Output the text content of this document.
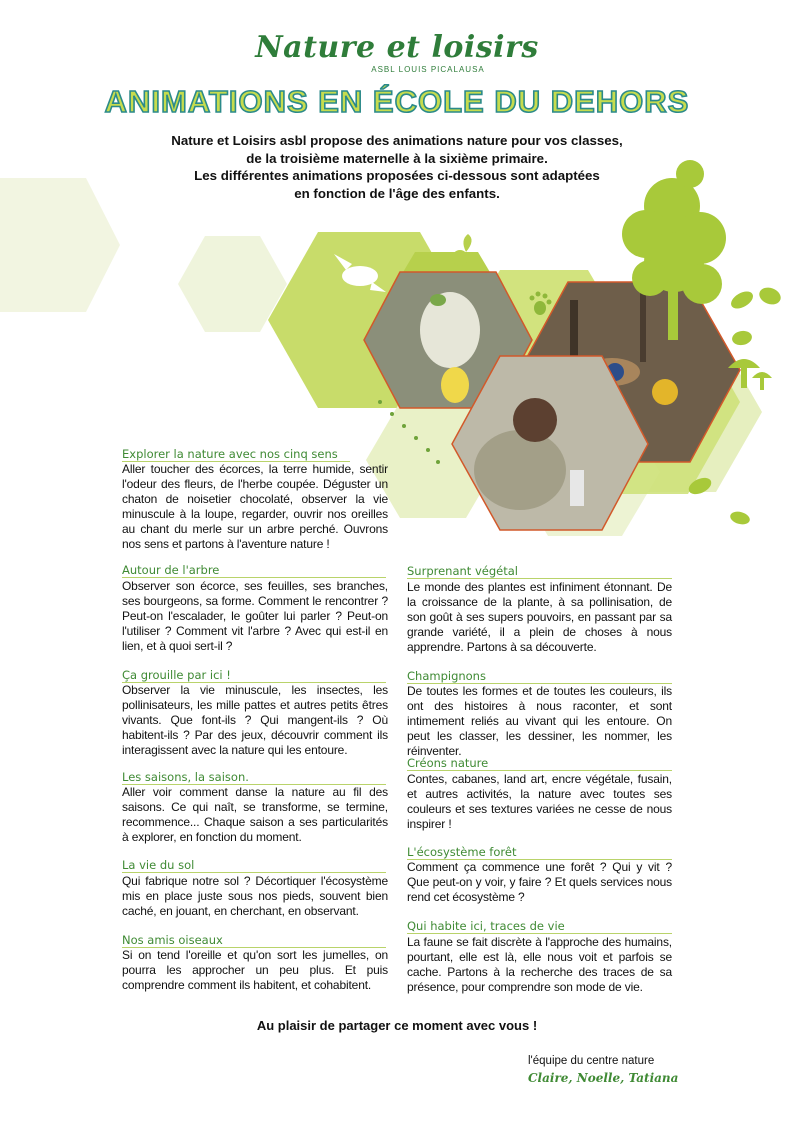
Nature et loisirs
ASBL LOUIS PICALAUSA
ANIMATIONS EN ÉCOLE DU DEHORS
Nature et Loisirs asbl propose des animations nature pour vos classes,
de la troisième maternelle à la sixième primaire.
Les différentes animations proposées ci-dessous sont adaptées
en fonction de l'âge des enfants.
Explorer la nature avec nos cinq sens
Aller toucher des écorces, la terre humide, sentir l'odeur des fleurs, de l'herbe coupée. Déguster un chaton de noisetier chocolaté, observer la vie minuscule à la loupe, regarder, ouvrir nos oreilles au chant du merle sur un arbre perché. Ouvrons nos sens et partons à l'aventure nature !
Autour de l'arbre
Observer son écorce, ses feuilles, ses branches, ses bourgeons, sa forme. Comment le rencontrer ? Peut-on l'escalader, le goûter lui parler ? Peut-on l'utiliser ? Comment vit l'arbre ? Avec qui est-il en lien, et à quoi sert-il ?
Ça grouille par ici !
Observer la vie minuscule, les insectes, les pollinisateurs, les mille pattes et autres petits êtres vivants. Que font-ils ? Qui mangent-ils ? Où habitent-ils ? Par des jeux, découvrir comment ils interagissent avec la nature qui les entoure.
Les saisons, la saison.
Aller voir comment danse la nature au fil des saisons. Ce qui naît, se transforme, se termine, recommence... Chaque saison a ses particularités à explorer, en fonction du moment.
La vie du sol
Qui fabrique notre sol ? Décortiquer l'écosystème mis en place juste sous nos pieds, souvent bien caché, en jouant, en cherchant, en observant.
Nos amis oiseaux
Si on tend l'oreille et qu'on sort les jumelles, on pourra les approcher un peu plus. Et puis comprendre comment ils habitent, et cohabitent.
Surprenant végétal
Le monde des plantes est infiniment étonnant. De la croissance de la plante, à sa pollinisation, de son goût à ses supers pouvoirs, en passant par sa grande variété, il a plein de choses à nous apprendre. Partons à sa découverte.
Champignons
De toutes les formes et de toutes les couleurs, ils ont des histoires à nous raconter, et sont intimement reliés au vivant qui les entoure. On peut les classer, les dessiner, les nommer, les réinventer.
Créons nature
Contes, cabanes, land art, encre végétale, fusain, et autres activités, la nature avec toutes ses couleurs et ses textures variées ne cesse de nous inspirer !
L'écosystème forêt
Comment ça commence une forêt ? Qui y vit ? Que peut-on y voir, y faire ? Et quels services nous rend cet écosystème ?
Qui habite ici, traces de vie
La faune se fait discrète à l'approche des humains, pourtant, elle est là, elle nous voit et parfois se cache. Partons à la recherche des traces de sa présence, pour comprendre son mode de vie.
Au plaisir de partager ce moment avec vous !
l'équipe du centre nature
Claire, Noelle, Tatiana
